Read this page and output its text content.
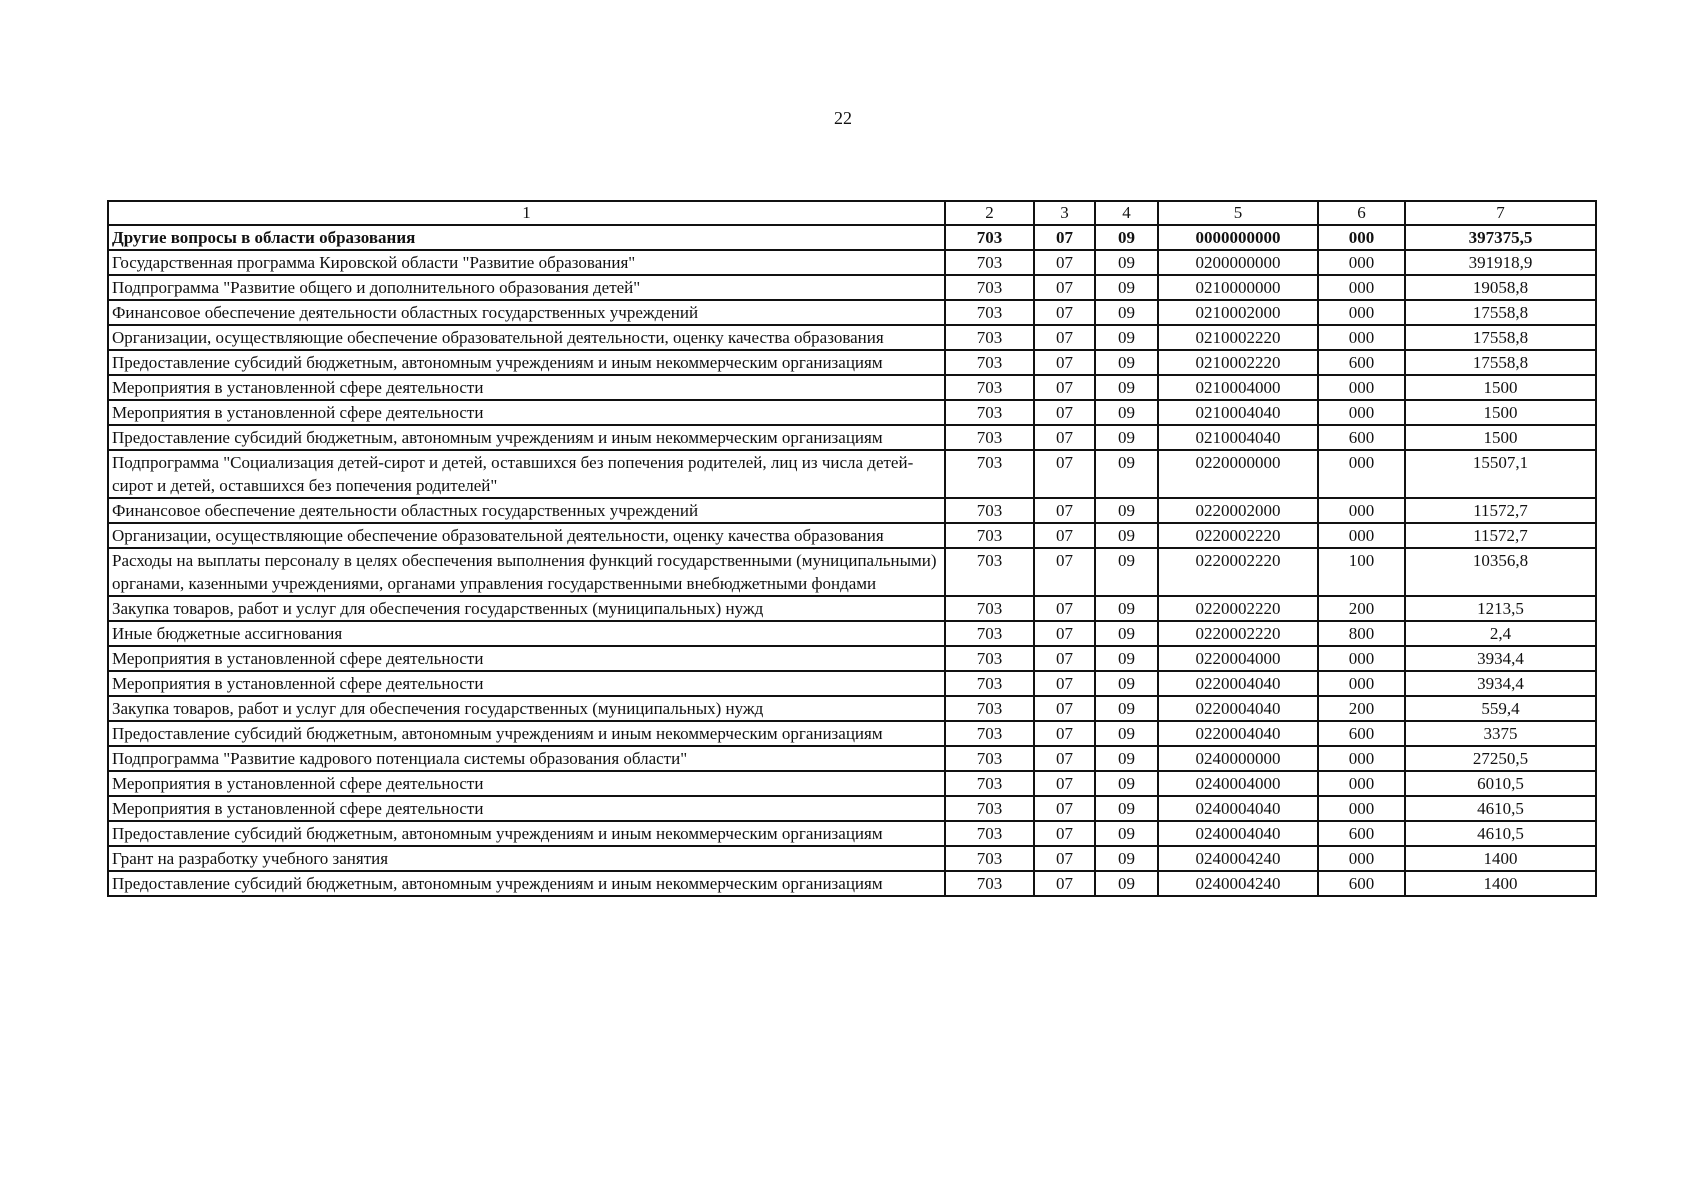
22
1	2	3	4	5	6	7
Другие вопросы в области образования	703	07	09	0000000000	000	397375,5
Государственная программа Кировской области "Развитие образования"	703	07	09	0200000000	000	391918,9
Подпрограмма "Развитие общего и дополнительного образования детей"	703	07	09	0210000000	000	19058,8
Финансовое обеспечение деятельности областных государственных учреждений	703	07	09	0210002000	000	17558,8
Организации, осуществляющие обеспечение образовательной деятельности, оценку качества образования	703	07	09	0210002220	000	17558,8
Предоставление субсидий бюджетным, автономным учреждениям и иным некоммерческим организациям	703	07	09	0210002220	600	17558,8
Мероприятия в установленной сфере деятельности	703	07	09	0210004000	000	1500
Мероприятия в установленной сфере деятельности	703	07	09	0210004040	000	1500
Предоставление субсидий бюджетным, автономным учреждениям и иным некоммерческим организациям	703	07	09	0210004040	600	1500
Подпрограмма "Социализация детей-сирот и детей, оставшихся без попечения родителей, лиц из числа детей-сирот и детей, оставшихся без попечения родителей"	703	07	09	0220000000	000	15507,1
Финансовое обеспечение деятельности областных государственных учреждений	703	07	09	0220002000	000	11572,7
Организации, осуществляющие обеспечение образовательной деятельности, оценку качества образования	703	07	09	0220002220	000	11572,7
Расходы на выплаты персоналу в целях обеспечения выполнения функций государственными (муниципальными) органами, казенными учреждениями, органами управления государственными внебюджетными фондами	703	07	09	0220002220	100	10356,8
Закупка товаров, работ и услуг для обеспечения государственных (муниципальных) нужд	703	07	09	0220002220	200	1213,5
Иные бюджетные ассигнования	703	07	09	0220002220	800	2,4
Мероприятия в установленной сфере деятельности	703	07	09	0220004000	000	3934,4
Мероприятия в установленной сфере деятельности	703	07	09	0220004040	000	3934,4
Закупка товаров, работ и услуг для обеспечения государственных (муниципальных) нужд	703	07	09	0220004040	200	559,4
Предоставление субсидий бюджетным, автономным учреждениям и иным некоммерческим организациям	703	07	09	0220004040	600	3375
Подпрограмма "Развитие кадрового потенциала системы образования области"	703	07	09	0240000000	000	27250,5
Мероприятия в установленной сфере деятельности	703	07	09	0240004000	000	6010,5
Мероприятия в установленной сфере деятельности	703	07	09	0240004040	000	4610,5
Предоставление субсидий бюджетным, автономным учреждениям и иным некоммерческим организациям	703	07	09	0240004040	600	4610,5
Грант на разработку учебного занятия	703	07	09	0240004240	000	1400
Предоставление субсидий бюджетным, автономным учреждениям и иным некоммерческим организациям	703	07	09	0240004240	600	1400
